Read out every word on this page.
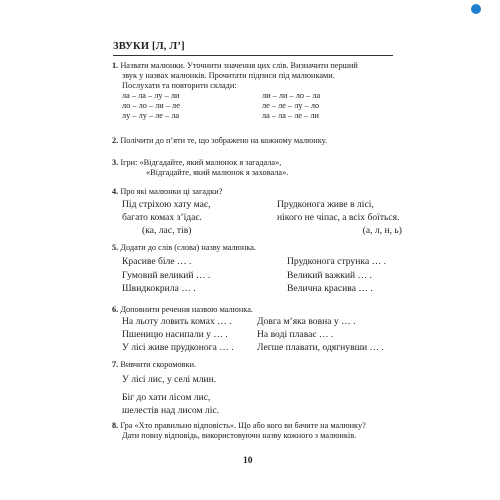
ЗВУКИ [Л, Л’]
1. Назвати малюнки. Уточнити значення цих слів. Визначити перший
звук у назвах малюнків. Прочитати підписи під малюнками.
Послухати та повторити склади:
ла – ла – лу – ли	ли – ли – ло – ла
ло – ло – ли – ле	ле – ле – лу – ло
лу – лу – ле – ла	ла – ла – ле – ли
2. Полічити до п’яти те, що зображено на кожному малюнку.
3. Ігри: «Відгадайте, який малюнок я загадала»,
«Відгадайте, який малюнок я заховала».
4. Про які малюнки ці загадки?
Під стріхою хату має,	Прудконога живе в лісі,
багато комах з’їдає.	нікого не чіпає, а всіх боїться.
(ка, лас, тів)	(а, л, н, ь)
5. Додати до слів (слова) назву малюнка.
Красиве біле … .	Прудконога стрункa … .
Гумовий великий … .	Великий важкий … .
Швидкокрила … .	Велична красива … .
6. Доповнити речення назвою малюнка.
На льоту ловить комах … .	Довга м’яка вовна у … .
Пшеницю насипали у … .	На воді плаває … .
У лісі живе прудконога … .	Легше плавати, одягнувши … .
7. Вивчити скоромовки.
У лісі лис, у селі млин.
Біг до хати лісом лис,
шелестів над лисом ліс.
8. Гра «Хто правильно відповість». Що або кого ви бачите на малюнку?
Дати повну відповідь, використовуючи назву кожного з малюнків.
10
